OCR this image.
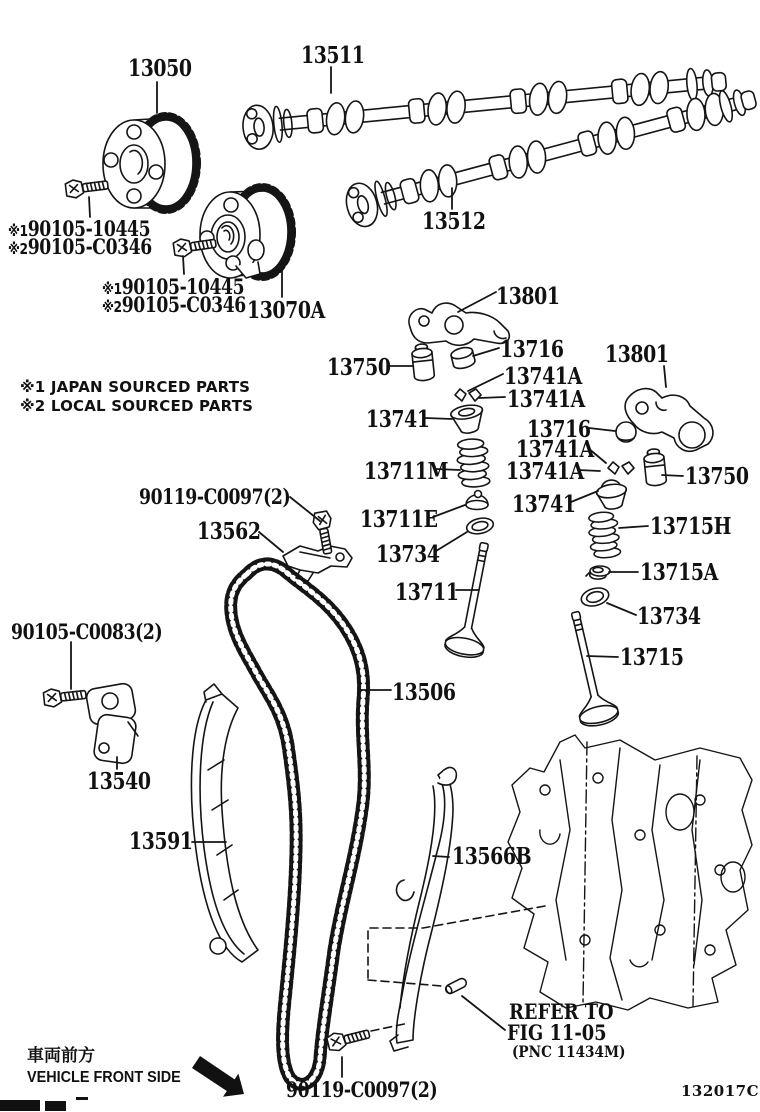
13050	13511
13512
※190105-10445
※290105-C0346
※190105-10445
※290105-C0346 13070A
※1 JAPAN SOURCED PARTS
※2 LOCAL SOURCED PARTS
13801
13750
13716
13741A
13741A
13801
13741	13716
13741A
13741A	13750
13711M
13711E
13741
13715H
13734
13715A
13711
13734
13715
90119-C0097(2)
13562
90105-C0083(2)
13506
13540
13591
13566B
REFER TO
FIG 11-05
(PNC 11434M)
90119-C0097(2)
車両前方
VEHICLE FRONT SIDE
132017C
